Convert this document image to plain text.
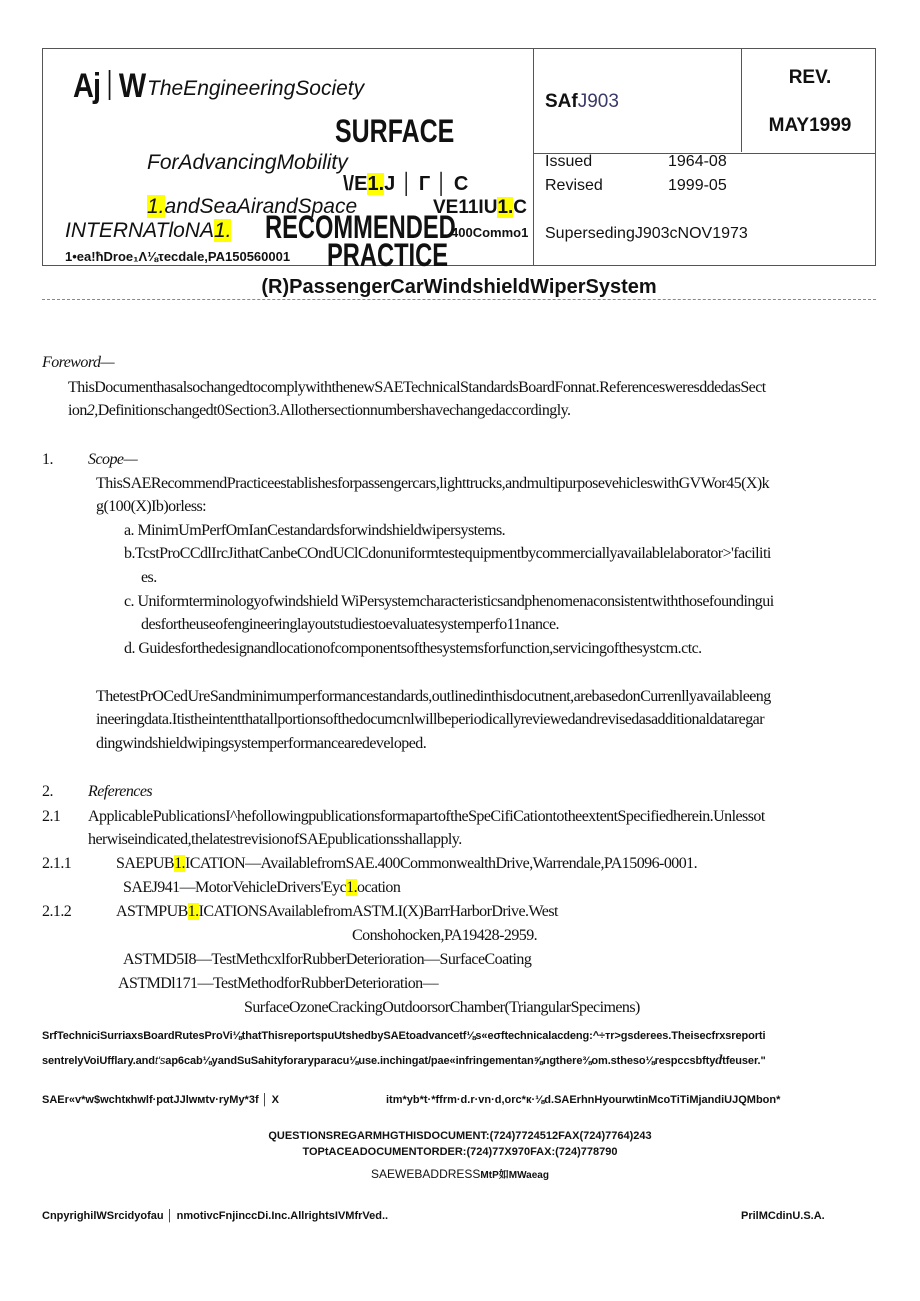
Aj W TheEngineeringSociety
SURFACE
ForAdvancingMobility
\/E1.J │ Г │ C
1.andSeaAirandSpace	VE11IU1.C
INTERNATloNA1. RECOMMENDED
400Commo1
PRACTICE
1•ea!ħDroe₁Λ⅛τecdale,PA150560001
SAfJ903
REV.
MAY1999
Issued	1964-08
Revised	1999-05
SupersedingJ903cNOV1973
(R)PassengerCarWindshieldWiperSystem
Foreword—
ThisDocumenthasalsochangedtocomplywiththenewSAETechnicalStandardsBoardFonnat.ReferencesweresddedasSect
ion2,Definitionschangedt0Section3.Allothersectionnumbershavechangedaccordingly.
1. Scope—
ThisSAERecommendPracticeestablishesforpassengercars,lighttrucks,andmultipurposevehicleswithGVWor45(X)k
g(100(X)Ib)orless:
a. MinimUmPerfOmIanCestandardsforwindshieldwipersystems.
b.TcstProCCdlIrcJithatCanbeCOndUClCdonuniformtestequipmentbycommerciallyavailablelaborator>'faciliti
es.
c. Uniformterminologyofwindshield WiPersystemcharacteristicsandphenomenaconsistentwiththosefoundingui
desfortheuseofengineeringlayoutstudiestoevaluatesystemperfo11nance.
d. Guidesforthedesignandlocationofcomponentsofthesystemsforfunction,servicingofthesystcm.ctc.
ThetestPrOCedUreSandminimumperformancestandards,outlinedinthisdocutnent,arebasedonCurrenllyavailableeng
ineeringdata.Itistheintentthatallportionsofthedocumcnlwillbeperiodicallyreviewedandrevisedasadditionaldataregar
dingwindshieldwipingsystemperformancearedeveloped.
2. References
2.1 ApplicablePublicationsI^hefollowingpublicationsformapartoftheSpeCifiCationtotheextentSpecifiedherein.Unlessot
herwiseindicated,thelatestrevisionofSAEpublicationsshallapply.
2.1.1	SAEPUB1.ICATION—AvailablefromSAE.400CommonwealthDrive,Warrendale,PA15096-0001.
SAEJ941—MotorVehicleDrivers'Eyc1.ocation
2.1.2	ASTMPUB1.ICATIONSAvailablefromASTM.I(X)BarrHarborDrive.West
Conshohocken,PA19428-2959.
ASTMD5I8—TestMethcxlforRubberDeterioration—SurfaceCoating
ASTMDl171—TestMethodforRubberDeterioration—
SurfaceOzoneCrackingOutdoorsorChamber(TriangularSpecimens)
SrfTechniciSurriaxsBoardRutesProVi⅛thatThisreportspuUtshedbySAEtoadvancetf⅛s«eσftechnicalacdeng:^÷тr>gsderees.Theisecfrxsreporti
sentrelyVoiUfflary.andt'sap6cab⅛yandSuSahityforaryparacu⅛use.inchingat/pae«infringementan⅝ngthere⅜om.stheso⅛respccsbftydtfeuser."
SAEr«v*w$wchtкhwlf·pαtJJlwмtv·ryMy*3f │ X	itm*yb*t·*ffrm·d.r·vn·d,orc*к·⅛d.SAErhnHyourwtinMcoTiTiMjandiUJQMbon*
QUESTIONSREGARMHGTHISDOCUMENT:(724)7724512FAX(724)7764)243
TOPtACEADOCUMENTORDER:(724)77X970FAX:(724)778790
SAEWEBADDRESSMtP如MWaeag
CnpyrighilWSrcidyofau │ nmotivcFnjinccDi.Inc.AllrightsIVMfrVed..	PrilMCdinU.S.A.
